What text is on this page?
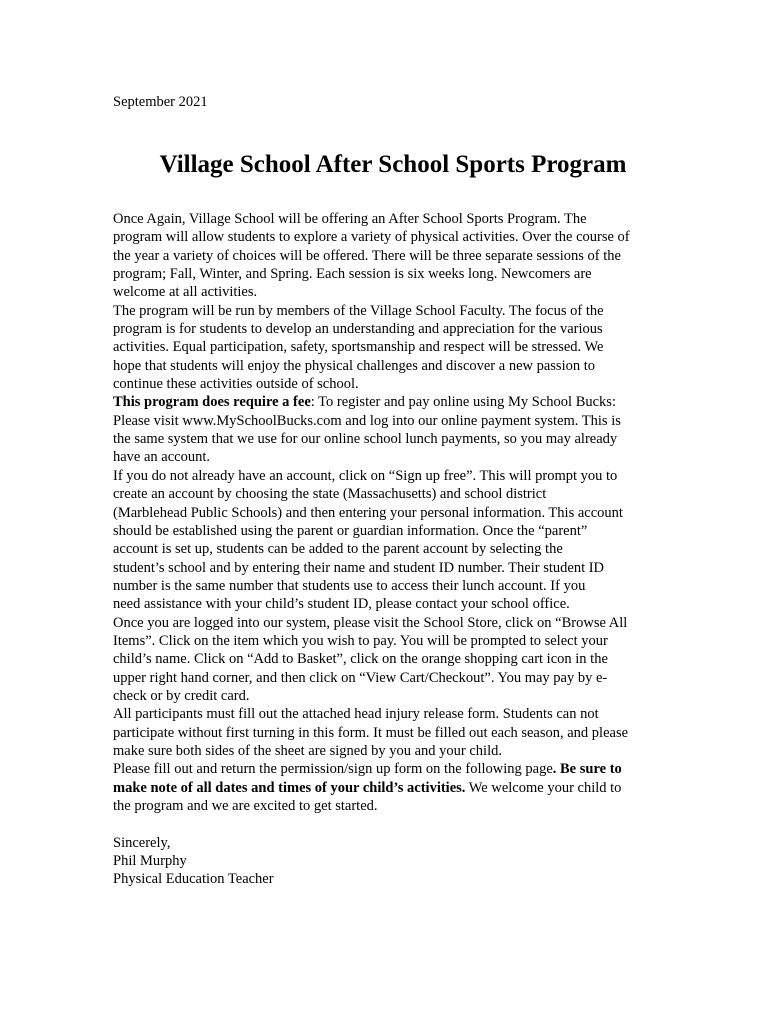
September 2021
Village School After School Sports Program
Once Again, Village School will be offering an After School Sports Program. The
program will allow students to explore a variety of physical activities. Over the course of
the year a variety of choices will be offered. There will be three separate sessions of the
program; Fall, Winter, and Spring. Each session is six weeks long. Newcomers are
welcome at all activities.
The program will be run by members of the Village School Faculty. The focus of the
program is for students to develop an understanding and appreciation for the various
activities. Equal participation, safety, sportsmanship and respect will be stressed. We
hope that students will enjoy the physical challenges and discover a new passion to
continue these activities outside of school.
This program does require a fee: To register and pay online using My School Bucks:
Please visit www.MySchoolBucks.com and log into our online payment system. This is
the same system that we use for our online school lunch payments, so you may already
have an account.
If you do not already have an account, click on “Sign up free”. This will prompt you to
create an account by choosing the state (Massachusetts) and school district
(Marblehead Public Schools) and then entering your personal information. This account
should be established using the parent or guardian information. Once the “parent”
account is set up, students can be added to the parent account by selecting the
student’s school and by entering their name and student ID number. Their student ID
number is the same number that students use to access their lunch account. If you
need assistance with your child’s student ID, please contact your school office.
Once you are logged into our system, please visit the School Store, click on “Browse All
Items”. Click on the item which you wish to pay. You will be prompted to select your
child’s name. Click on “Add to Basket”, click on the orange shopping cart icon in the
upper right hand corner, and then click on “View Cart/Checkout”. You may pay by e-
check or by credit card.
All participants must fill out the attached head injury release form. Students can not
participate without first turning in this form. It must be filled out each season, and please
make sure both sides of the sheet are signed by you and your child.
Please fill out and return the permission/sign up form on the following page. Be sure to
make note of all dates and times of your child’s activities. We welcome your child to
the program and we are excited to get started.
Sincerely,
Phil Murphy
Physical Education Teacher
